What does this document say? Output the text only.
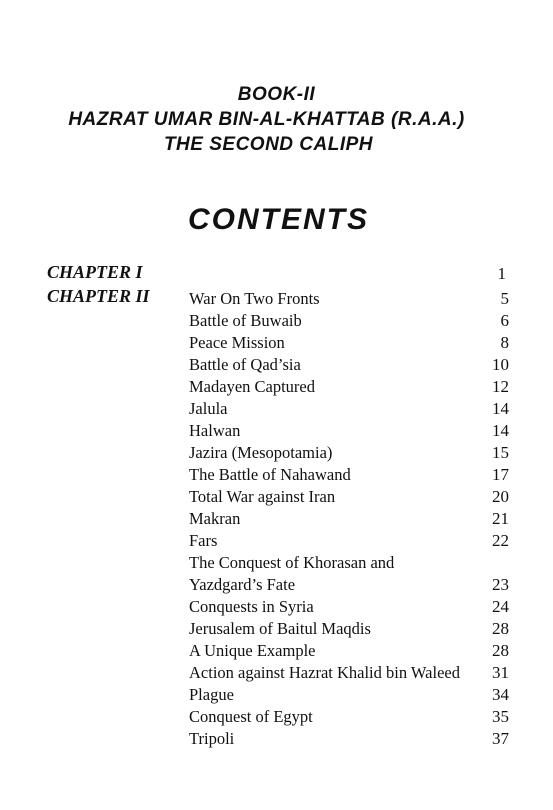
BOOK-II
HAZRAT UMAR BIN-AL-KHATTAB (R.A.A.)
THE SECOND CALIPH
CONTENTS
CHAPTER I	1
CHAPTER II War On Two Fronts	5
Battle of Buwaib	6
Peace Mission	8
Battle of Qad’sia	10
Madayen Captured	12
Jalula	14
Halwan	14
Jazira (Mesopotamia)	15
The Battle of Nahawand	17
Total War against Iran	20
Makran	21
Fars	22
The Conquest of Khorasan and
Yazdgard’s Fate	23
Conquests in Syria	24
Jerusalem of Baitul Maqdis	28
A Unique Example	28
Action against Hazrat Khalid bin Waleed 31
Plague	34
Conquest of Egypt	35
Tripoli	37
